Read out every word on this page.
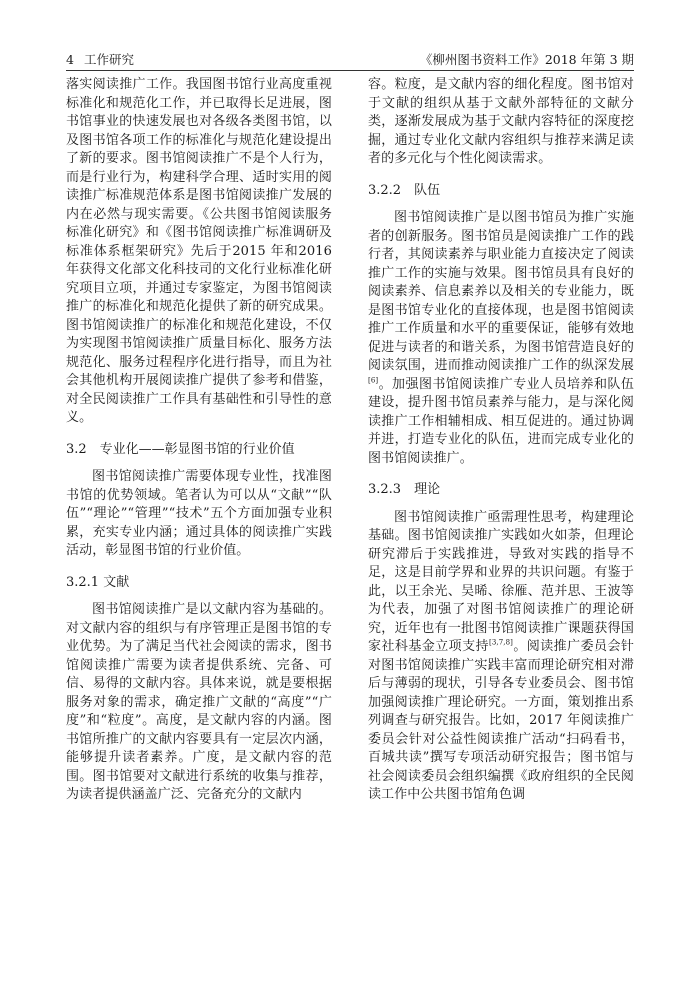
4 工作研究	《柳州图书资料工作》2018 年第 3 期

落实阅读推广工作。我国图书馆行业高度重视标准化和规范化工作，并已取得长足进展，图书馆事业的快速发展也对各级各类图书馆，以及图书馆各项工作的标准化与规范化建设提出了新的要求。图书馆阅读推广不是个人行为，而是行业行为，构建科学合理、适时实用的阅读推广标准规范体系是图书馆阅读推广发展的内在必然与现实需要。《公共图书馆阅读服务标准化研究》和《图书馆阅读推广标准调研及标准体系框架研究》先后于2015 年和2016年获得文化部文化科技司的文化行业标准化研究项目立项，并通过专家鉴定，为图书馆阅读推广的标准化和规范化提供了新的研究成果。图书馆阅读推广的标准化和规范化建设，不仅为实现图书馆阅读推广质量目标化、服务方法规范化、服务过程程序化进行指导，而且为社会其他机构开展阅读推广提供了参考和借鉴，对全民阅读推广工作具有基础性和引导性的意义。

3.2　专业化——彰显图书馆的行业价值

图书馆阅读推广需要体现专业性，找准图书馆的优势领域。笔者认为可以从“文献”“队伍”“理论”“管理”“技术”五个方面加强专业积累，充实专业内涵；通过具体的阅读推广实践活动，彰显图书馆的行业价值。

3.2.1 文献

图书馆阅读推广是以文献内容为基础的。对文献内容的组织与有序管理正是图书馆的专业优势。为了满足当代社会阅读的需求，图书馆阅读推广需要为读者提供系统、完备、可信、易得的文献内容。具体来说，就是要根据服务对象的需求，确定推广文献的“高度”“广度”和“粒度”。高度，是文献内容的内涵。图书馆所推广的文献内容要具有一定层次内涵，能够提升读者素养。广度，是文献内容的范围。图书馆要对文献进行系统的收集与推荐，为读者提供涵盖广泛、完备充分的文献内

容。粒度，是文献内容的细化程度。图书馆对于文献的组织从基于文献外部特征的文献分类，逐渐发展成为基于文献内容特征的深度挖掘，通过专业化文献内容组织与推荐来满足读者的多元化与个性化阅读需求。

3.2.2　队伍

图书馆阅读推广是以图书馆员为推广实施者的创新服务。图书馆员是阅读推广工作的践行者，其阅读素养与职业能力直接决定了阅读推广工作的实施与效果。图书馆员具有良好的阅读素养、信息素养以及相关的专业能力，既是图书馆专业化的直接体现，也是图书馆阅读推广工作质量和水平的重要保证，能够有效地促进与读者的和谐关系，为图书馆营造良好的阅读氛围，进而推动阅读推广工作的纵深发展[6]。加强图书馆阅读推广专业人员培养和队伍建设，提升图书馆员素养与能力，是与深化阅读推广工作相辅相成、相互促进的。通过协调并进，打造专业化的队伍，进而完成专业化的图书馆阅读推广。

3.2.3　理论

图书馆阅读推广亟需理性思考，构建理论基础。图书馆阅读推广实践如火如荼，但理论研究滞后于实践推进，导致对实践的指导不足，这是目前学界和业界的共识问题。有鉴于此，以王余光、吴晞、徐雁、范并思、王波等为代表，加强了对图书馆阅读推广的理论研究，近年也有一批图书馆阅读推广课题获得国家社科基金立项支持[3,7,8]。阅读推广委员会针对图书馆阅读推广实践丰富而理论研究相对滞后与薄弱的现状，引导各专业委员会、图书馆加强阅读推广理论研究。一方面，策划推出系列调查与研究报告。比如，2017 年阅读推广委员会针对公益性阅读推广活动“扫码看书，百城共读”撰写专项活动研究报告；图书馆与社会阅读委员会组织编撰《政府组织的全民阅读工作中公共图书馆角色调
